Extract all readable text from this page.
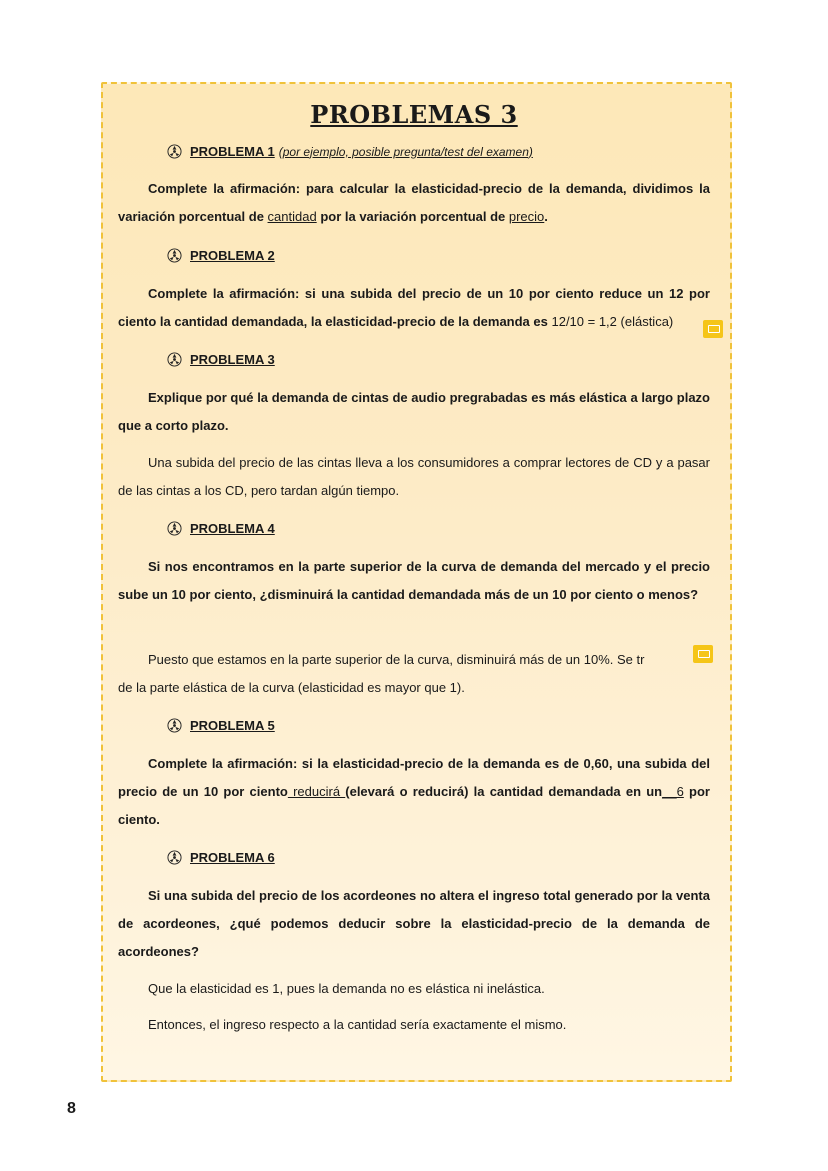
PROBLEMAS 3
PROBLEMA 1 (por ejemplo, posible pregunta/test del examen)
Complete la afirmación: para calcular la elasticidad-precio de la demanda, dividimos la variación porcentual de cantidad por la variación porcentual de precio.
PROBLEMA 2
Complete la afirmación: si una subida del precio de un 10 por ciento reduce un 12 por ciento la cantidad demandada, la elasticidad-precio de la demanda es 12/10 = 1,2 (elástica)
PROBLEMA 3
Explique por qué la demanda de cintas de audio pregrabadas es más elástica a largo plazo que a corto plazo.
Una subida del precio de las cintas lleva a los consumidores a comprar lectores de CD y a pasar de las cintas a los CD, pero tardan algún tiempo.
PROBLEMA 4
Si nos encontramos en la parte superior de la curva de demanda del mercado y el precio sube un 10 por ciento, ¿disminuirá la cantidad demandada más de un 10 por ciento o menos?
Puesto que estamos en la parte superior de la curva, disminuirá más de un 10%. Se tr
de la parte elástica de la curva (elasticidad es mayor que 1).
PROBLEMA 5
Complete la afirmación: si la elasticidad-precio de la demanda es de 0,60, una subida del precio de un 10 por ciento reducirá (elevará o reducirá) la cantidad demandada en un__6 por ciento.
PROBLEMA 6
Si una subida del precio de los acordeones no altera el ingreso total generado por la venta de acordeones, ¿qué podemos deducir sobre la elasticidad-precio de la demanda de acordeones?
Que la elasticidad es 1, pues la demanda no es elástica ni inelástica.
Entonces, el ingreso respecto a la cantidad sería exactamente el mismo.
8
